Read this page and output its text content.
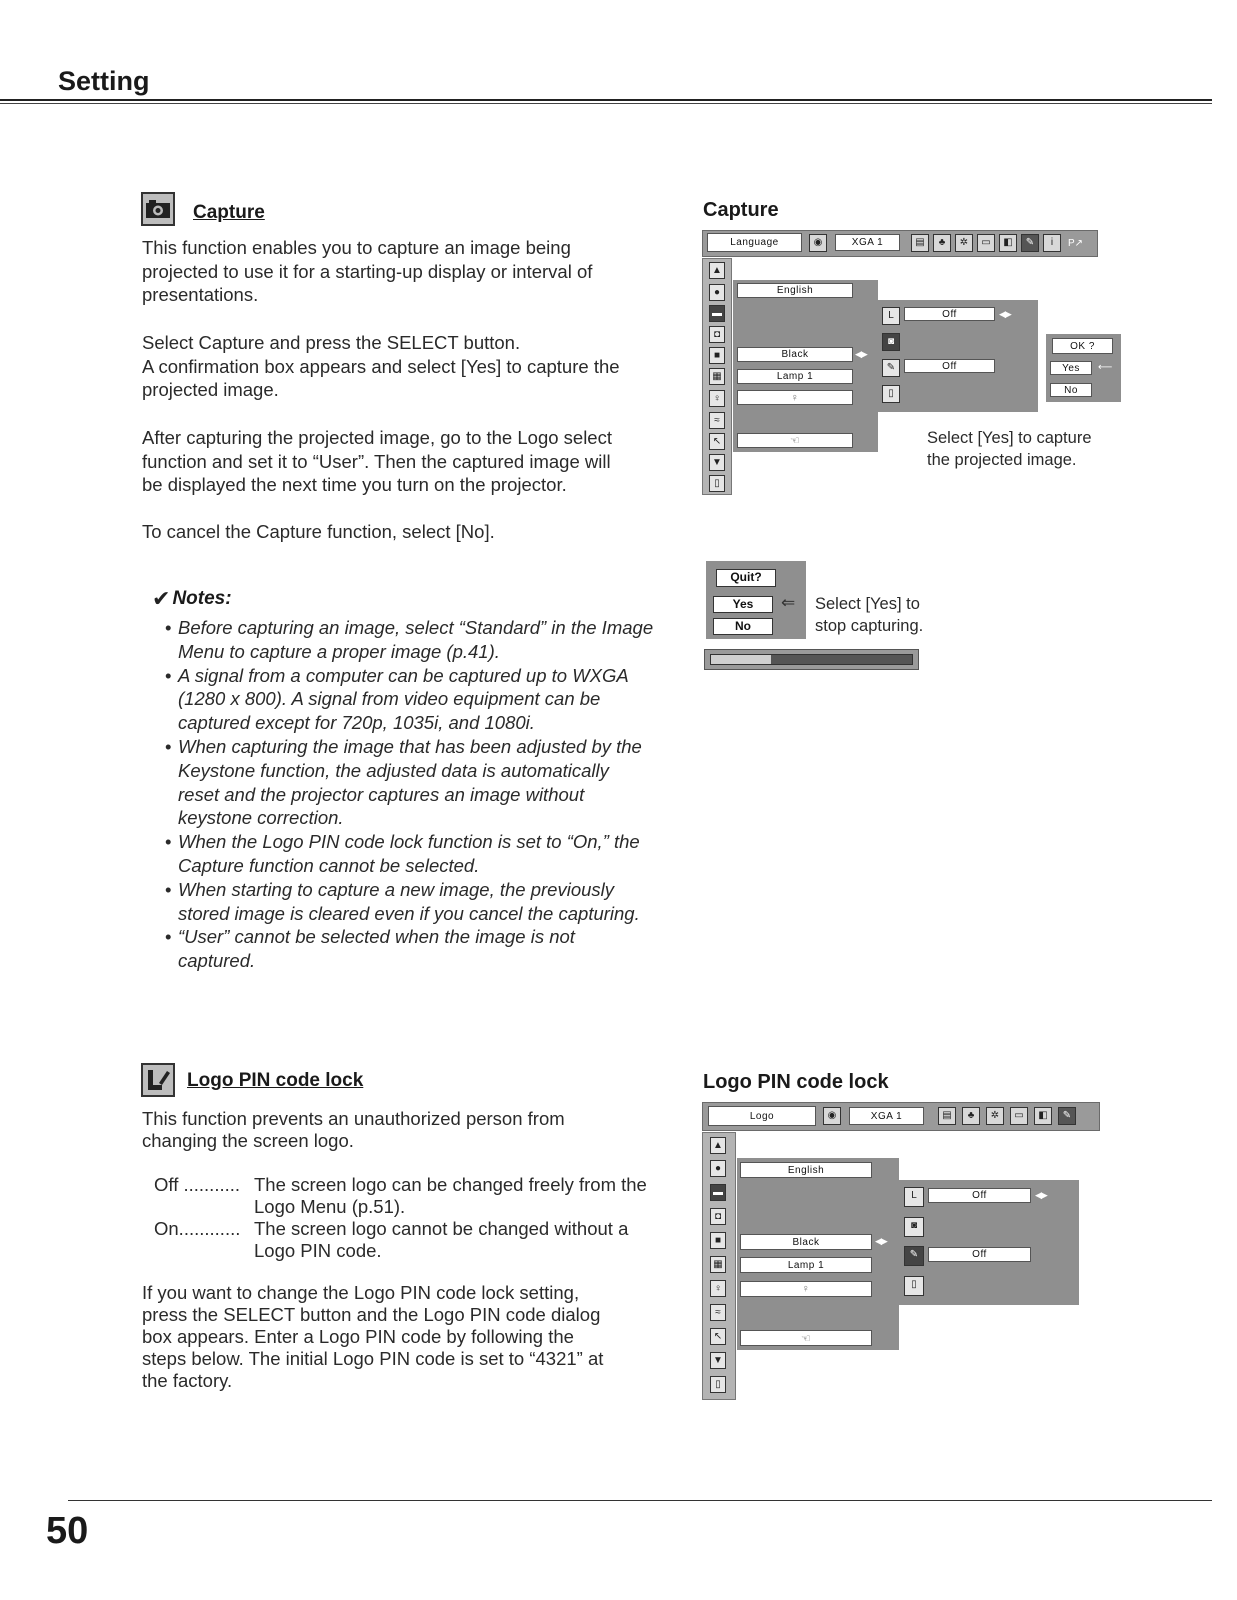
Setting
Capture
This function enables you to capture an image being
projected to use it for a starting-up display or interval of
presentations.
Select Capture and press the SELECT button.
A confirmation box appears and select [Yes] to capture the
projected image.
After capturing the projected image, go to the Logo select
function and set it to “User”. Then the captured image will
be displayed the next time you turn on the projector.
To cancel the Capture function, select [No].
✔ Notes:
• Before capturing an image, select “Standard” in the Image Menu to capture a proper image (p.41).
• A signal from a computer can be captured up to WXGA (1280 x 800). A signal from video equipment can be captured except for 720p, 1035i, and 1080i.
• When capturing the image that has been adjusted by the Keystone function, the adjusted data is automatically reset and the projector captures an image without keystone correction.
• When the Logo PIN code lock function is set to “On,” the Capture function cannot be selected.
• When starting to capture a new image, the previously stored image is cleared even if you cancel the capturing.
• “User” cannot be selected when the image is not captured.
Capture
Language	◉	XGA 1	▤	♣	✲	▭	◧	✎	i	P↗
▲
●
▬
◘
■
▦
♀
≈
↖
▼
▯
English
Black	◀▶
Lamp 1
♀
☜
L	Off	◀▶
◙
✎	Off
▯
OK ?
Yes	⟵
No
Select [Yes] to capture
the projected image.
Quit?
Yes
No
⇐ Select [Yes] to
stop capturing.
Logo PIN code lock
This function prevents an unauthorized person from
changing the screen logo.
Off ........... The screen logo can be changed freely from the Logo Menu (p.51).
On............ The screen logo cannot be changed without a Logo PIN code.
If you want to change the Logo PIN code lock setting,
press the SELECT button and the Logo PIN code dialog
box appears. Enter a Logo PIN code by following the
steps below. The initial Logo PIN code is set to “4321” at
the factory.
Logo PIN code lock
Logo	◉	XGA 1	▤	♣	✲	▭	◧	✎
▲
●
▬
◘
■
▦
♀
≈
↖
▼
▯
English
Black	◀▶
Lamp 1
♀
☜
L	Off	◀▶
◙
✎	Off
▯
50
